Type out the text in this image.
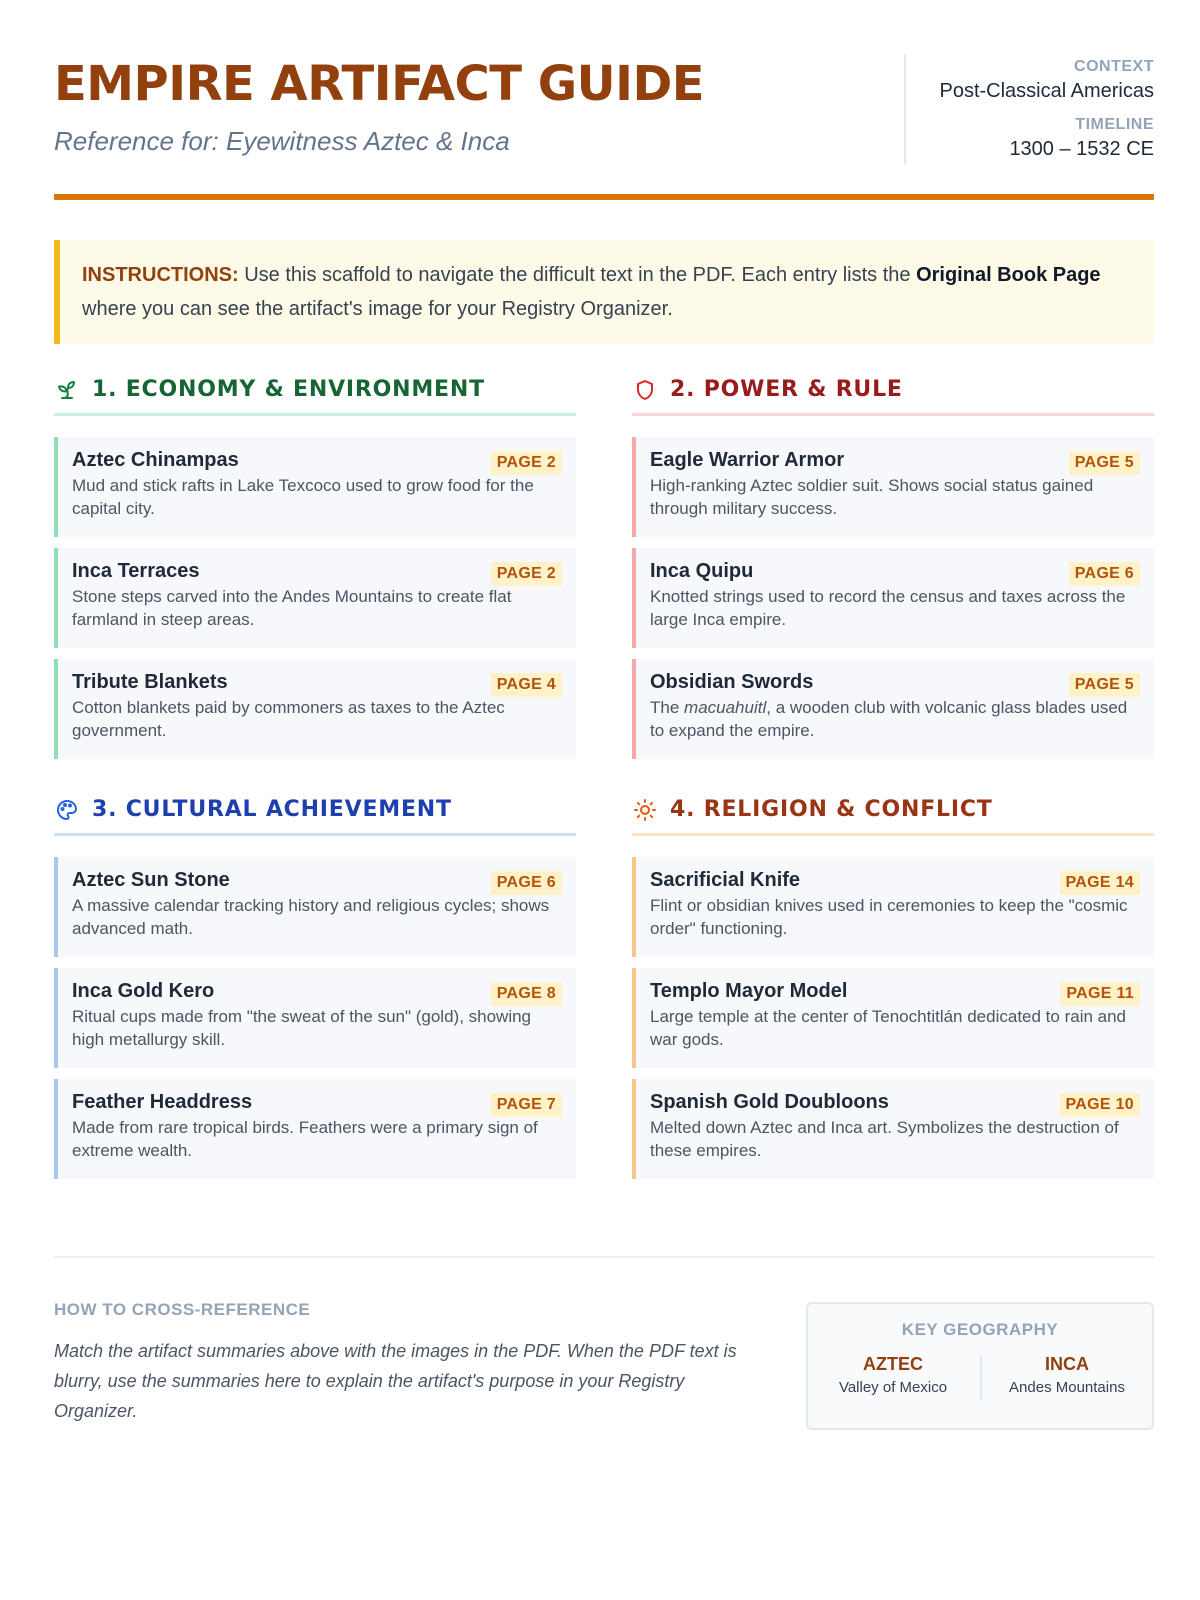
EMPIRE ARTIFACT GUIDE
Reference for: Eyewitness Aztec & Inca
CONTEXT
Post-Classical Americas
TIMELINE
1300 – 1532 CE
INSTRUCTIONS: Use this scaffold to navigate the difficult text in the PDF. Each entry lists the Original Book Page where you can see the artifact's image for your Registry Organizer.
1. ECONOMY & ENVIRONMENT
Aztec Chinampas
Mud and stick rafts in Lake Texcoco used to grow food for the capital city.
PAGE 2
Inca Terraces
Stone steps carved into the Andes Mountains to create flat farmland in steep areas.
PAGE 2
Tribute Blankets
Cotton blankets paid by commoners as taxes to the Aztec government.
PAGE 4
2. POWER & RULE
Eagle Warrior Armor
High-ranking Aztec soldier suit. Shows social status gained through military success.
PAGE 5
Inca Quipu
Knotted strings used to record the census and taxes across the large Inca empire.
PAGE 6
Obsidian Swords
The macuahuitl, a wooden club with volcanic glass blades used to expand the empire.
PAGE 5
3. CULTURAL ACHIEVEMENT
Aztec Sun Stone
A massive calendar tracking history and religious cycles; shows advanced math.
PAGE 6
Inca Gold Kero
Ritual cups made from "the sweat of the sun" (gold), showing high metallurgy skill.
PAGE 8
Feather Headdress
Made from rare tropical birds. Feathers were a primary sign of extreme wealth.
PAGE 7
4. RELIGION & CONFLICT
Sacrificial Knife
Flint or obsidian knives used in ceremonies to keep the "cosmic order" functioning.
PAGE 14
Templo Mayor Model
Large temple at the center of Tenochtitlán dedicated to rain and war gods.
PAGE 11
Spanish Gold Doubloons
Melted down Aztec and Inca art. Symbolizes the destruction of these empires.
PAGE 10
HOW TO CROSS-REFERENCE
Match the artifact summaries above with the images in the PDF. When the PDF text is blurry, use the summaries here to explain the artifact's purpose in your Registry Organizer.
KEY GEOGRAPHY
AZTEC
Valley of Mexico
INCA
Andes Mountains
